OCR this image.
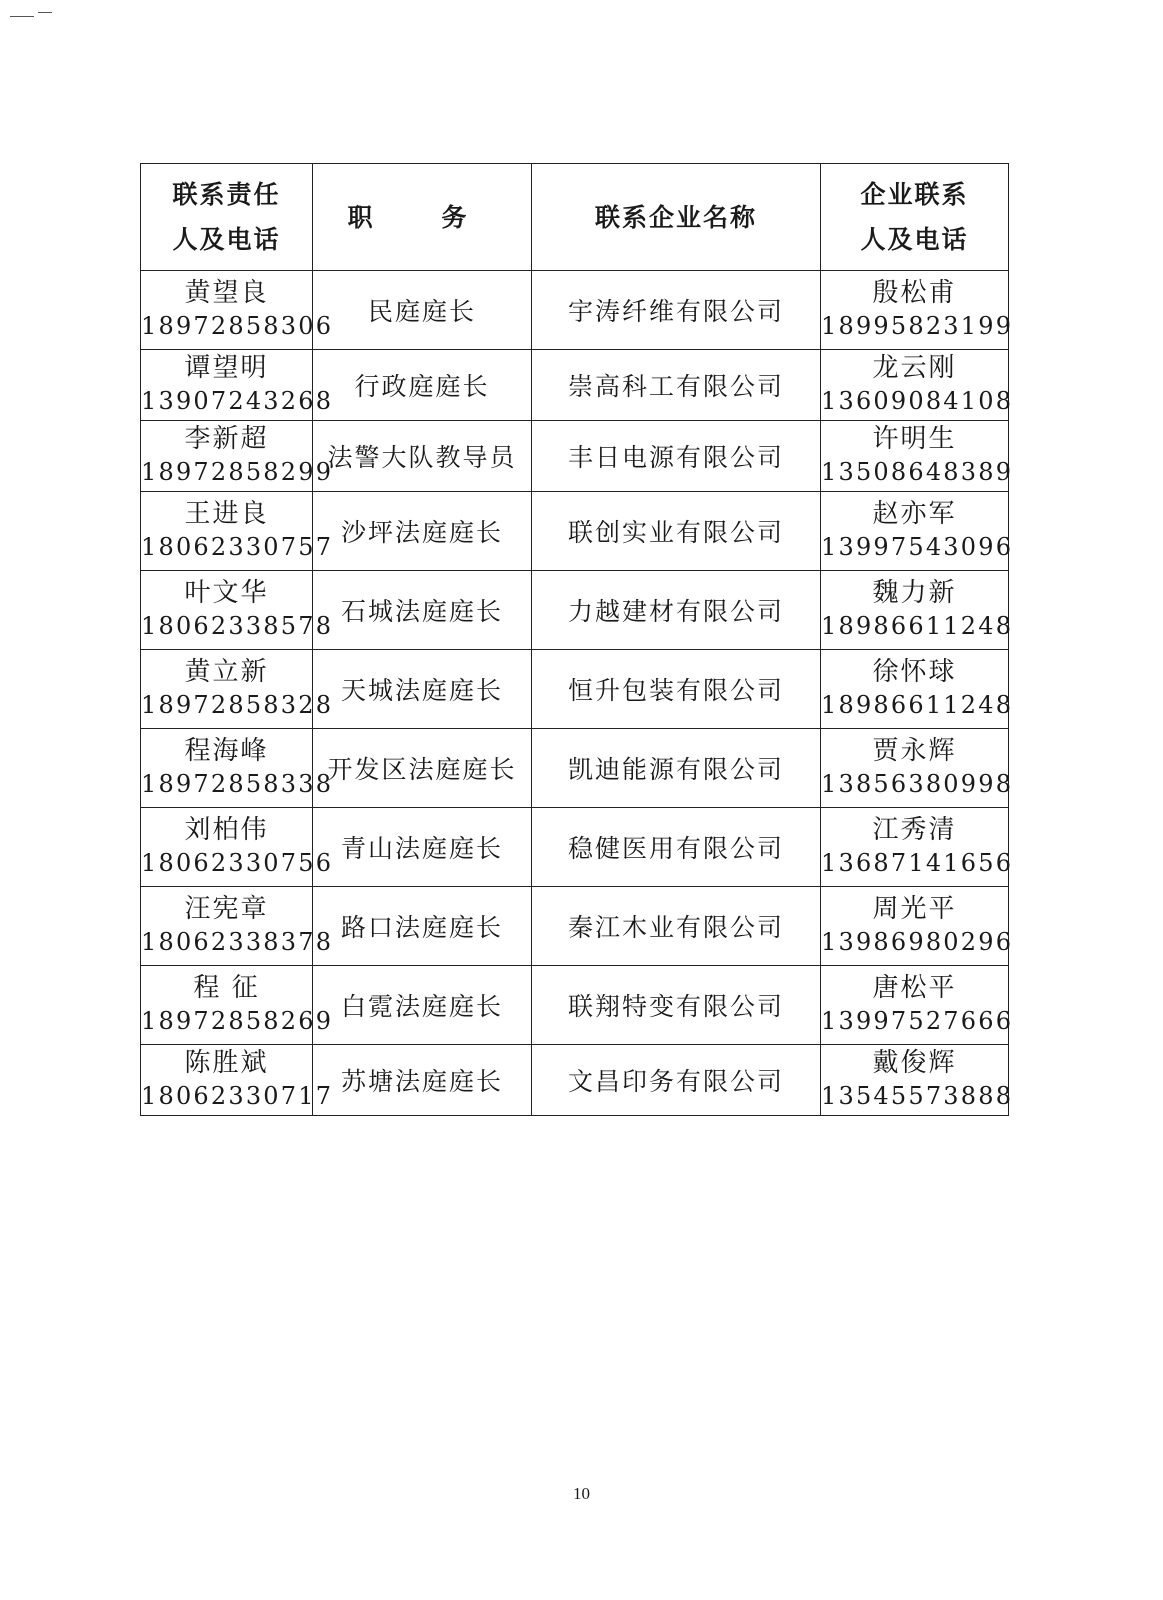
联系责任
人及电话	职 务	联系企业名称	企业联系
人及电话

黄望良
18972858306	民庭庭长	宇涛纤维有限公司	殷松甫
18995823199

谭望明
13907243268	行政庭庭长	崇高科工有限公司	龙云刚
13609084108

李新超
18972858299	法警大队教导员	丰日电源有限公司	许明生
13508648389

王进良
18062330757	沙坪法庭庭长	联创实业有限公司	赵亦军
13997543096

叶文华
18062338578	石城法庭庭长	力越建材有限公司	魏力新
18986611248

黄立新
18972858328	天城法庭庭长	恒升包装有限公司	徐怀球
18986611248

程海峰
18972858338	开发区法庭庭长	凯迪能源有限公司	贾永辉
13856380998

刘柏伟
18062330756	青山法庭庭长	稳健医用有限公司	江秀清
13687141656

汪宪章
18062338378	路口法庭庭长	秦江木业有限公司	周光平
13986980296

程 征
18972858269	白霓法庭庭长	联翔特变有限公司	唐松平
13997527666

陈胜斌
18062330717	苏塘法庭庭长	文昌印务有限公司	戴俊辉
13545573888
10
